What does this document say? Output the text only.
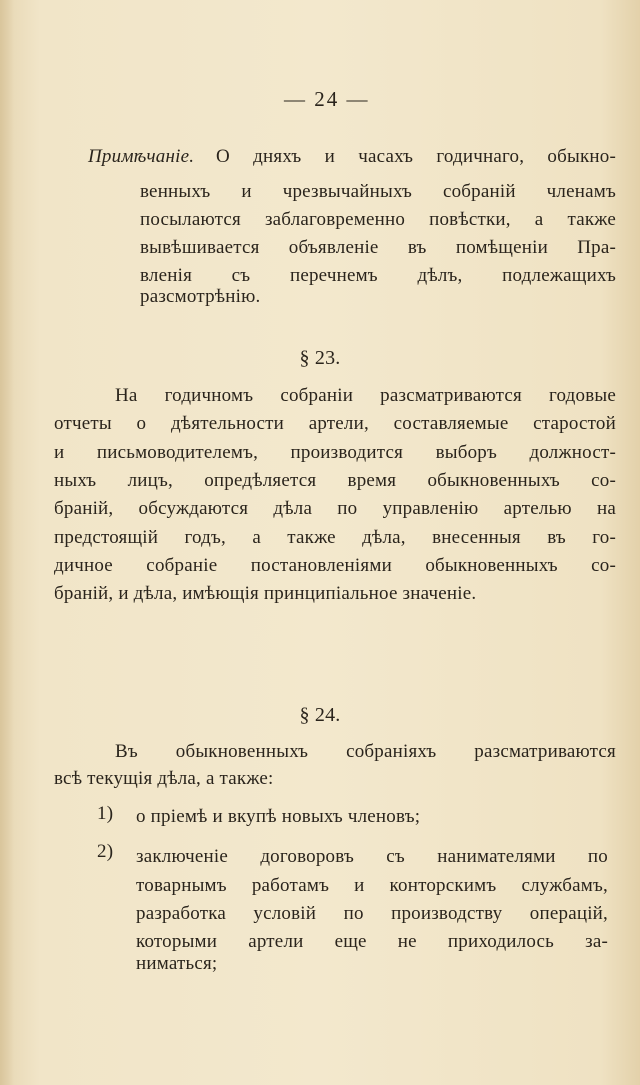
— 24 —
Примѣчаніе. О дняхъ и часахъ годичнаго, обыкно-
венныхъ и чрезвычайныхъ собраній членамъ
посылаются заблаговременно повѣстки, а также
вывѣшивается объявленіе въ помѣщеніи Пра-
вленія съ перечнемъ дѣлъ, подлежащихъ
разсмотрѣнію.
§ 23.
На годичномъ собраніи разсматриваются годовые
отчеты о дѣятельности артели, составляемые старостой
и письмоводителемъ, производится выборъ должност-
ныхъ лицъ, опредѣляется время обыкновенныхъ со-
браній, обсуждаются дѣла по управленію артелью на
предстоящій годъ, а также дѣла, внесенныя въ го-
дичное собраніе постановленіями обыкновенныхъ со-
браній, и дѣла, имѣющія принципіальное значеніе.
§ 24.
Въ обыкновенныхъ собраніяхъ разсматриваются
всѣ текущія дѣла, а также:
1) о пріемѣ и вкупѣ новыхъ членовъ;
2) заключеніе договоровъ съ нанимателями по
товарнымъ работамъ и конторскимъ службамъ,
разработка условій по производству операцій,
которыми артели еще не приходилось за-
ниматься;
